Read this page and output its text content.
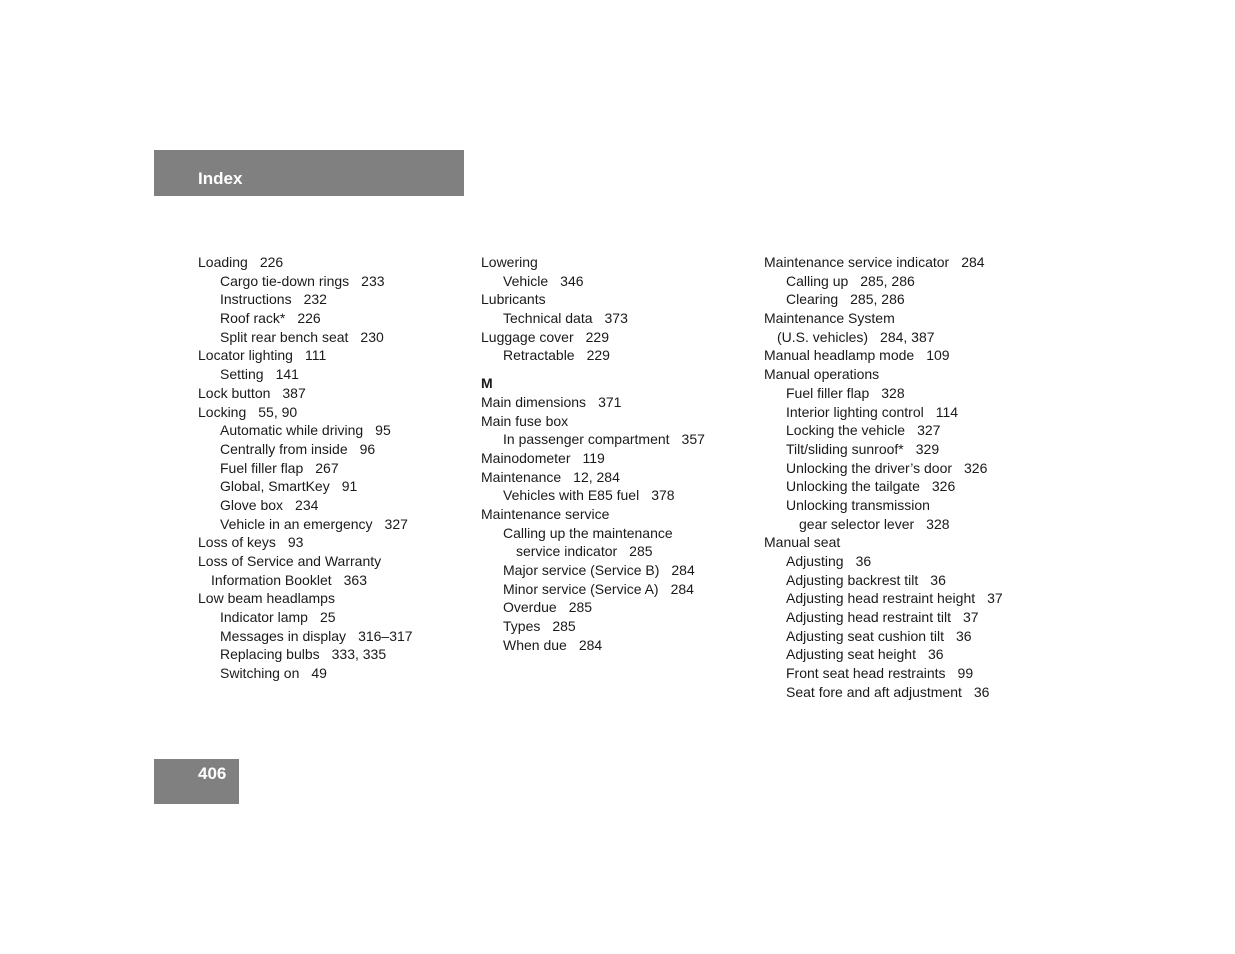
Index
Loading 226
Cargo tie-down rings 233
Instructions 232
Roof rack* 226
Split rear bench seat 230
Locator lighting 111
Setting 141
Lock button 387
Locking 55, 90
Automatic while driving 95
Centrally from inside 96
Fuel filler flap 267
Global, SmartKey 91
Glove box 234
Vehicle in an emergency 327
Loss of keys 93
Loss of Service and Warranty
Information Booklet 363
Low beam headlamps
Indicator lamp 25
Messages in display 316–317
Replacing bulbs 333, 335
Switching on 49
Lowering
Vehicle 346
Lubricants
Technical data 373
Luggage cover 229
Retractable 229
M
Main dimensions 371
Main fuse box
In passenger compartment 357
Mainodometer 119
Maintenance 12, 284
Vehicles with E85 fuel 378
Maintenance service
Calling up the maintenance
service indicator 285
Major service (Service B) 284
Minor service (Service A) 284
Overdue 285
Types 285
When due 284
Maintenance service indicator 284
Calling up 285, 286
Clearing 285, 286
Maintenance System
(U.S. vehicles) 284, 387
Manual headlamp mode 109
Manual operations
Fuel filler flap 328
Interior lighting control 114
Locking the vehicle 327
Tilt/sliding sunroof* 329
Unlocking the driver’s door 326
Unlocking the tailgate 326
Unlocking transmission
gear selector lever 328
Manual seat
Adjusting 36
Adjusting backrest tilt 36
Adjusting head restraint height 37
Adjusting head restraint tilt 37
Adjusting seat cushion tilt 36
Adjusting seat height 36
Front seat head restraints 99
Seat fore and aft adjustment 36
406
